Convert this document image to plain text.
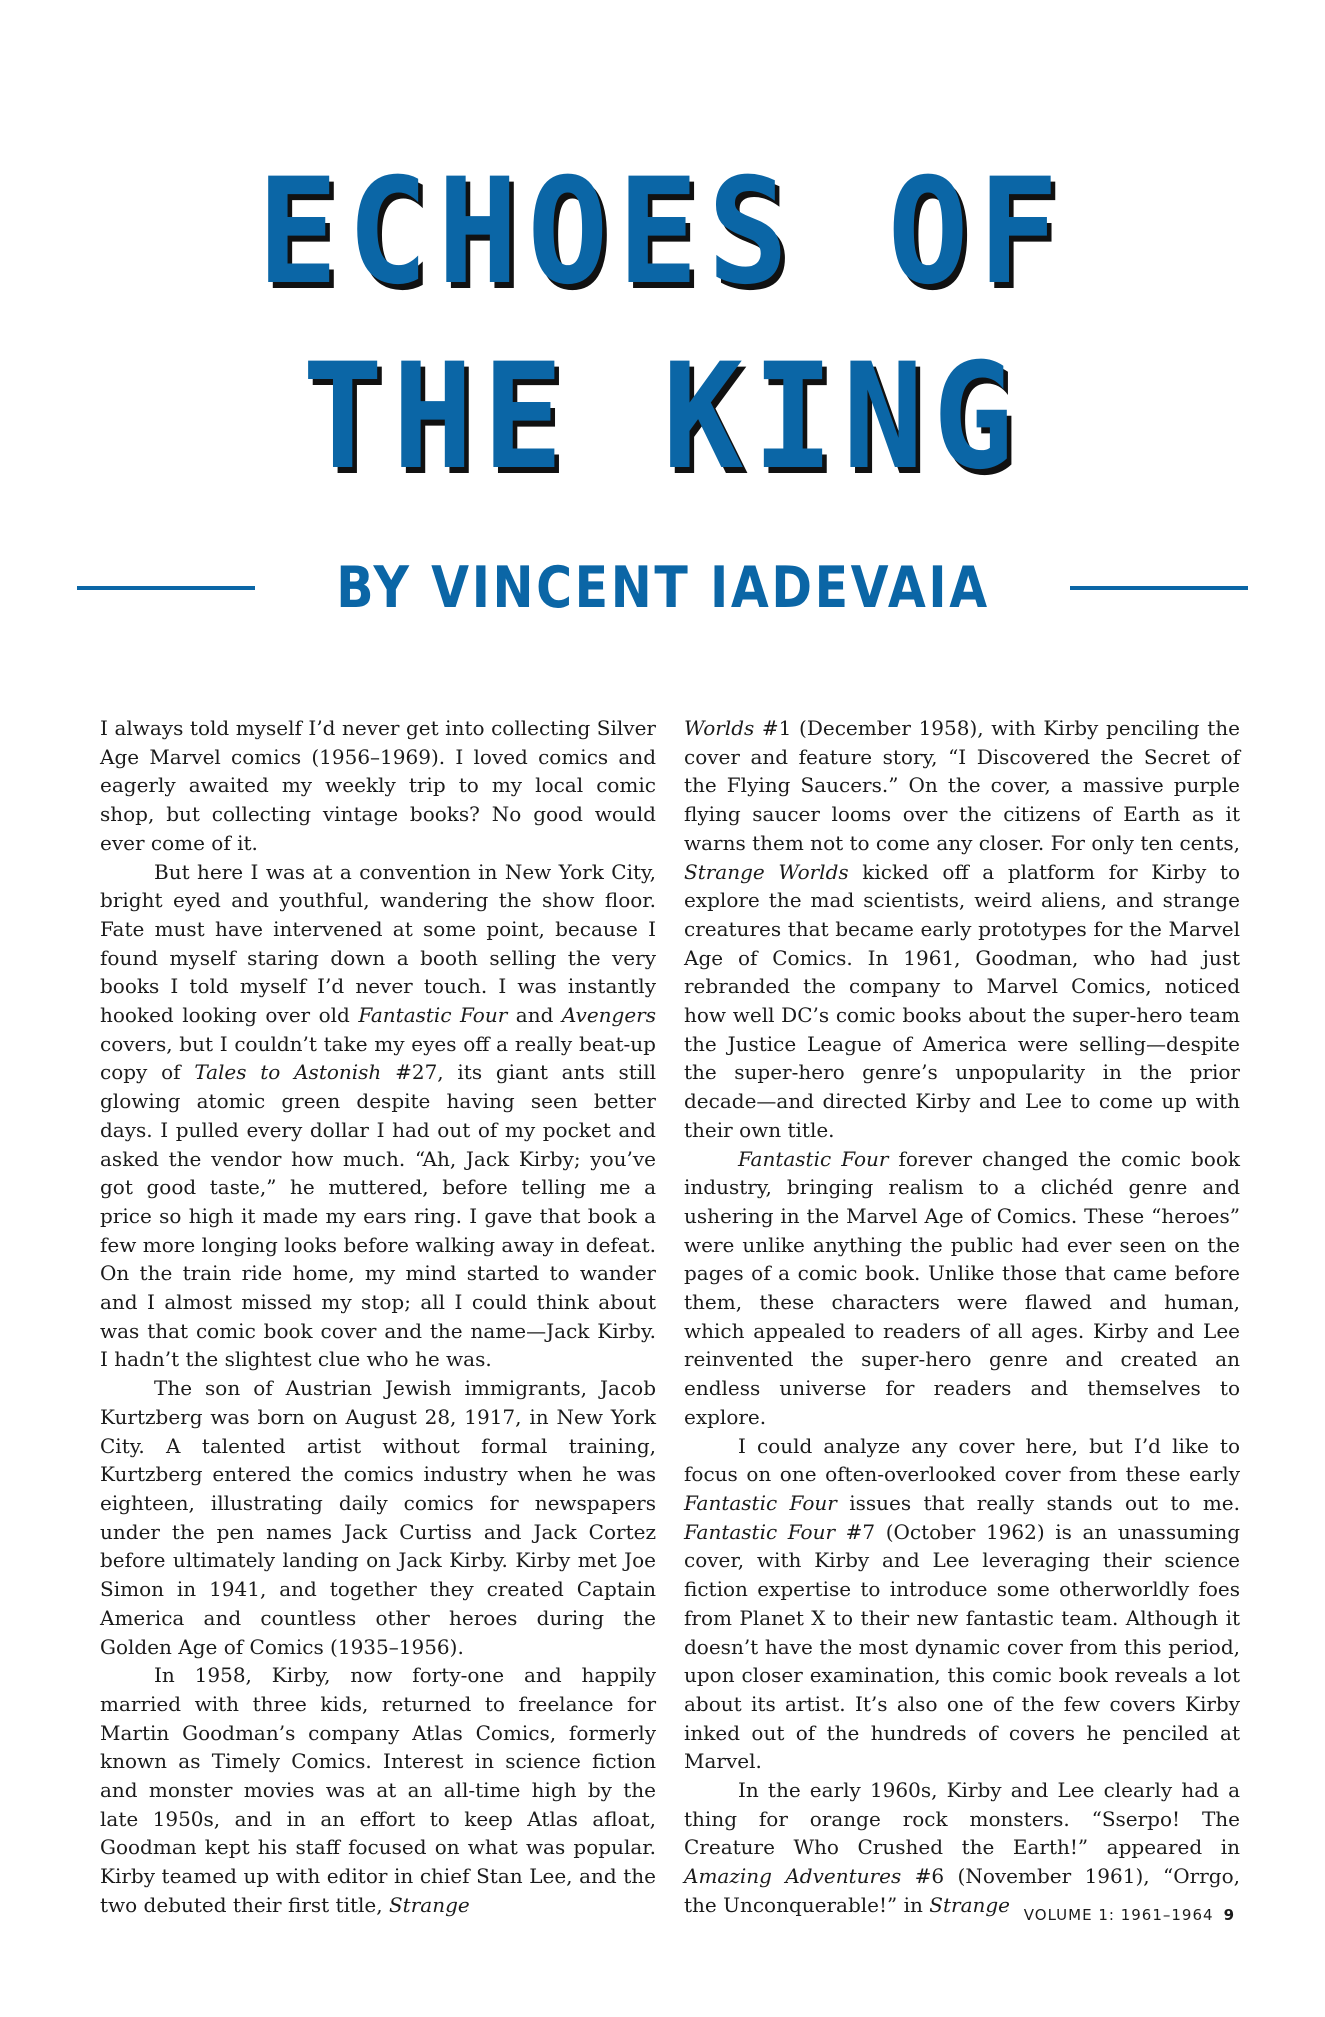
ECHOES OF
THE KING
BY VINCENT IADEVAIA

I always told myself I’d never get into collecting Silver Age Marvel comics (1956–1969). I loved comics and eagerly awaited my weekly trip to my local comic shop, but collecting vintage books? No good would ever come of it.

But here I was at a convention in New York City, bright eyed and youthful, wandering the show floor. Fate must have intervened at some point, because I found myself staring down a booth selling the very books I told myself I’d never touch. I was instantly hooked looking over old Fantastic Four and Avengers covers, but I couldn’t take my eyes off a really beat-up copy of Tales to Astonish #27, its giant ants still glowing atomic green despite having seen better days. I pulled every dollar I had out of my pocket and asked the vendor how much. “Ah, Jack Kirby; you’ve got good taste,” he muttered, before telling me a price so high it made my ears ring. I gave that book a few more longing looks before walking away in defeat. On the train ride home, my mind started to wander and I almost missed my stop; all I could think about was that comic book cover and the name—Jack Kirby. I hadn’t the slightest clue who he was.

The son of Austrian Jewish immigrants, Jacob Kurtzberg was born on August 28, 1917, in New York City. A talented artist without formal training, Kurtzberg entered the comics industry when he was eighteen, illustrating daily comics for newspapers under the pen names Jack Curtiss and Jack Cortez before ultimately landing on Jack Kirby. Kirby met Joe Simon in 1941, and together they created Captain America and countless other heroes during the Golden Age of Comics (1935–1956).

In 1958, Kirby, now forty-one and happily married with three kids, returned to freelance for Martin Goodman’s company Atlas Comics, formerly known as Timely Comics. Interest in science fiction and monster movies was at an all-time high by the late 1950s, and in an effort to keep Atlas afloat, Goodman kept his staff focused on what was popular. Kirby teamed up with editor in chief Stan Lee, and the two debuted their first title, Strange

Worlds #1 (December 1958), with Kirby penciling the cover and feature story, “I Discovered the Secret of the Flying Saucers.” On the cover, a massive purple flying saucer looms over the citizens of Earth as it warns them not to come any closer. For only ten cents, Strange Worlds kicked off a platform for Kirby to explore the mad scientists, weird aliens, and strange creatures that became early prototypes for the Marvel Age of Comics. In 1961, Goodman, who had just rebranded the company to Marvel Comics, noticed how well DC’s comic books about the super-hero team the Justice League of America were selling—despite the super-hero genre’s unpopularity in the prior decade—and directed Kirby and Lee to come up with their own title.

Fantastic Four forever changed the comic book industry, bringing realism to a clichéd genre and ushering in the Marvel Age of Comics. These “heroes” were unlike anything the public had ever seen on the pages of a comic book. Unlike those that came before them, these characters were flawed and human, which appealed to readers of all ages. Kirby and Lee reinvented the super-hero genre and created an endless universe for readers and themselves to explore.

I could analyze any cover here, but I’d like to focus on one often-overlooked cover from these early Fantastic Four issues that really stands out to me. Fantastic Four #7 (October 1962) is an unassuming cover, with Kirby and Lee leveraging their science fiction expertise to introduce some otherworldly foes from Planet X to their new fantastic team. Although it doesn’t have the most dynamic cover from this period, upon closer examination, this comic book reveals a lot about its artist. It’s also one of the few covers Kirby inked out of the hundreds of covers he penciled at Marvel.

In the early 1960s, Kirby and Lee clearly had a thing for orange rock monsters. “Sserpo! The Creature Who Crushed the Earth!” appeared in Amazing Adventures #6 (November 1961), “Orrgo, the Unconquerable!” in Strange VOLUME 1: 1961–1964 9
